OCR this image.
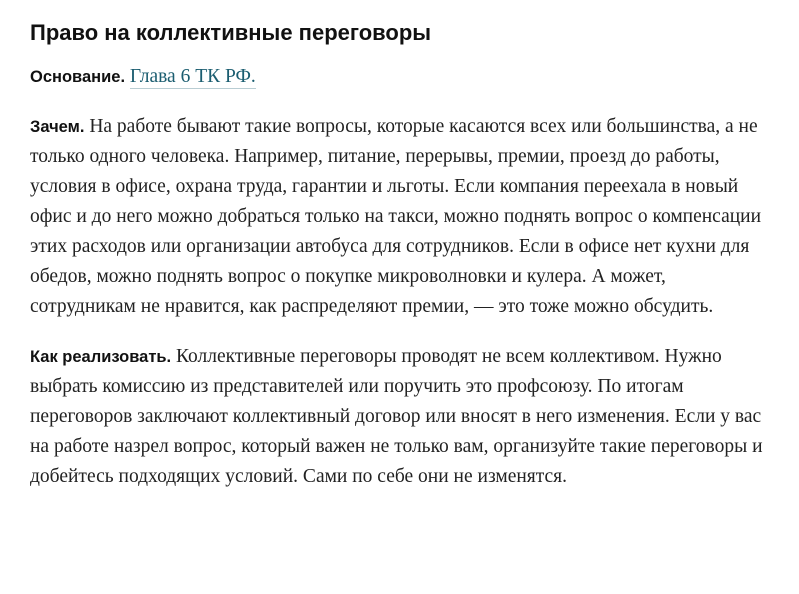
Право на коллективные переговоры

Основание. Глава 6 ТК РФ.

Зачем. На работе бывают такие вопросы, которые касаются всех или большинства, а не только одного человека. Например, питание, перерывы, премии, проезд до работы, условия в офисе, охрана труда, гарантии и льготы. Если компания переехала в новый офис и до него можно добраться только на такси, можно поднять вопрос о компенсации этих расходов или организации автобуса для сотрудников. Если в офисе нет кухни для обедов, можно поднять вопрос о покупке микроволновки и кулера. А может, сотрудникам не нравится, как распределяют премии, — это тоже можно обсудить.

Как реализовать. Коллективные переговоры проводят не всем коллективом. Нужно выбрать комиссию из представителей или поручить это профсоюзу. По итогам переговоров заключают коллективный договор или вносят в него изменения. Если у вас на работе назрел вопрос, который важен не только вам, организуйте такие переговоры и добейтесь подходящих условий. Сами по себе они не изменятся.
